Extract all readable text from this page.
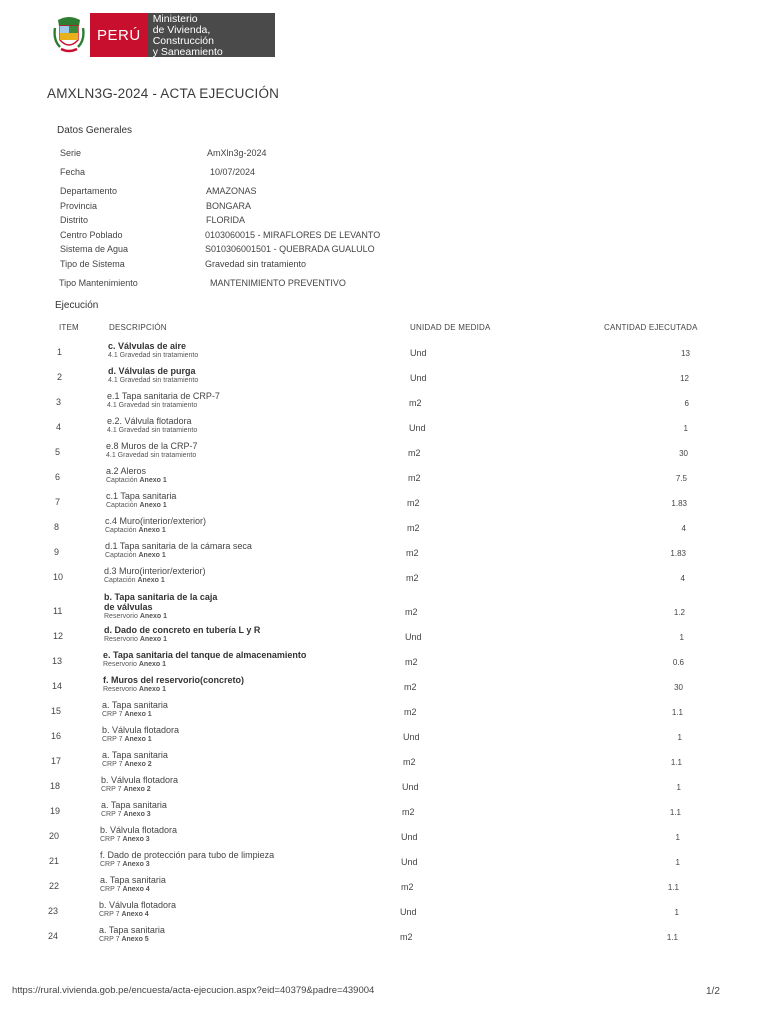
PERÚ
Ministerio
de Vivienda, Construcción
y Saneamiento
AMXLN3G-2024 - ACTA EJECUCIÓN
Datos Generales
Serie	AmXln3g-2024
Fecha	10/07/2024
Departamento	AMAZONAS
Provincia	BONGARA
Distrito	FLORIDA
Centro Poblado	0103060015 - MIRAFLORES DE LEVANTO
Sistema de Agua	S010306001501 - QUEBRADA GUALULO
Tipo de Sistema	Gravedad sin tratamiento
Tipo Mantenimiento	MANTENIMIENTO PREVENTIVO
Ejecución
ITEM	DESCRIPCIÓN	UNIDAD DE MEDIDA	CANTIDAD EJECUTADA
1
c. Válvulas de aire
4.1 Gravedad sin tratamiento	Und	13
2
d. Válvulas de purga
4.1 Gravedad sin tratamiento	Und	12
3
e.1 Tapa sanitaria de CRP-7
4.1 Gravedad sin tratamiento	m2	6
4
e.2. Válvula flotadora
4.1 Gravedad sin tratamiento	Und	1
5
e.8 Muros de la CRP-7
4.1 Gravedad sin tratamiento	m2	30
6
a.2 Aleros
Captación Anexo 1	m2	7.5
7
c.1 Tapa sanitaria
Captación Anexo 1	m2	1.83
8
c.4 Muro(interior/exterior)
Captación Anexo 1	m2	4
9
d.1 Tapa sanitaria de la cámara seca
Captación Anexo 1	m2	1.83
10
d.3 Muro(interior/exterior)
Captación Anexo 1	m2	4
11
b. Tapa sanitaria de la caja
de válvulas
Reservorio Anexo 1	m2	1.2
12
d. Dado de concreto en tubería L y R
Reservorio Anexo 1	Und	1
13
e. Tapa sanitaria del tanque de almacenamiento
Reservorio Anexo 1	m2	0.6
14
f. Muros del reservorio(concreto)
Reservorio Anexo 1	m2	30
15
a. Tapa sanitaria
CRP 7 Anexo 1	m2	1.1
16
b. Válvula flotadora
CRP 7 Anexo 1	Und	1
17
a. Tapa sanitaria
CRP 7 Anexo 2	m2	1.1
18
b. Válvula flotadora
CRP 7 Anexo 2	Und	1
19
a. Tapa sanitaria
CRP 7 Anexo 3	m2	1.1
20
b. Válvula flotadora
CRP 7 Anexo 3	Und	1
21
f. Dado de protección para tubo de limpieza
CRP 7 Anexo 3	Und	1
22
a. Tapa sanitaria
CRP 7 Anexo 4	m2	1.1
23
b. Válvula flotadora
CRP 7 Anexo 4	Und	1
24
a. Tapa sanitaria
CRP 7 Anexo 5	m2	1.1
https://rural.vivienda.gob.pe/encuesta/acta-ejecucion.aspx?eid=40379&padre=439004	1/2
